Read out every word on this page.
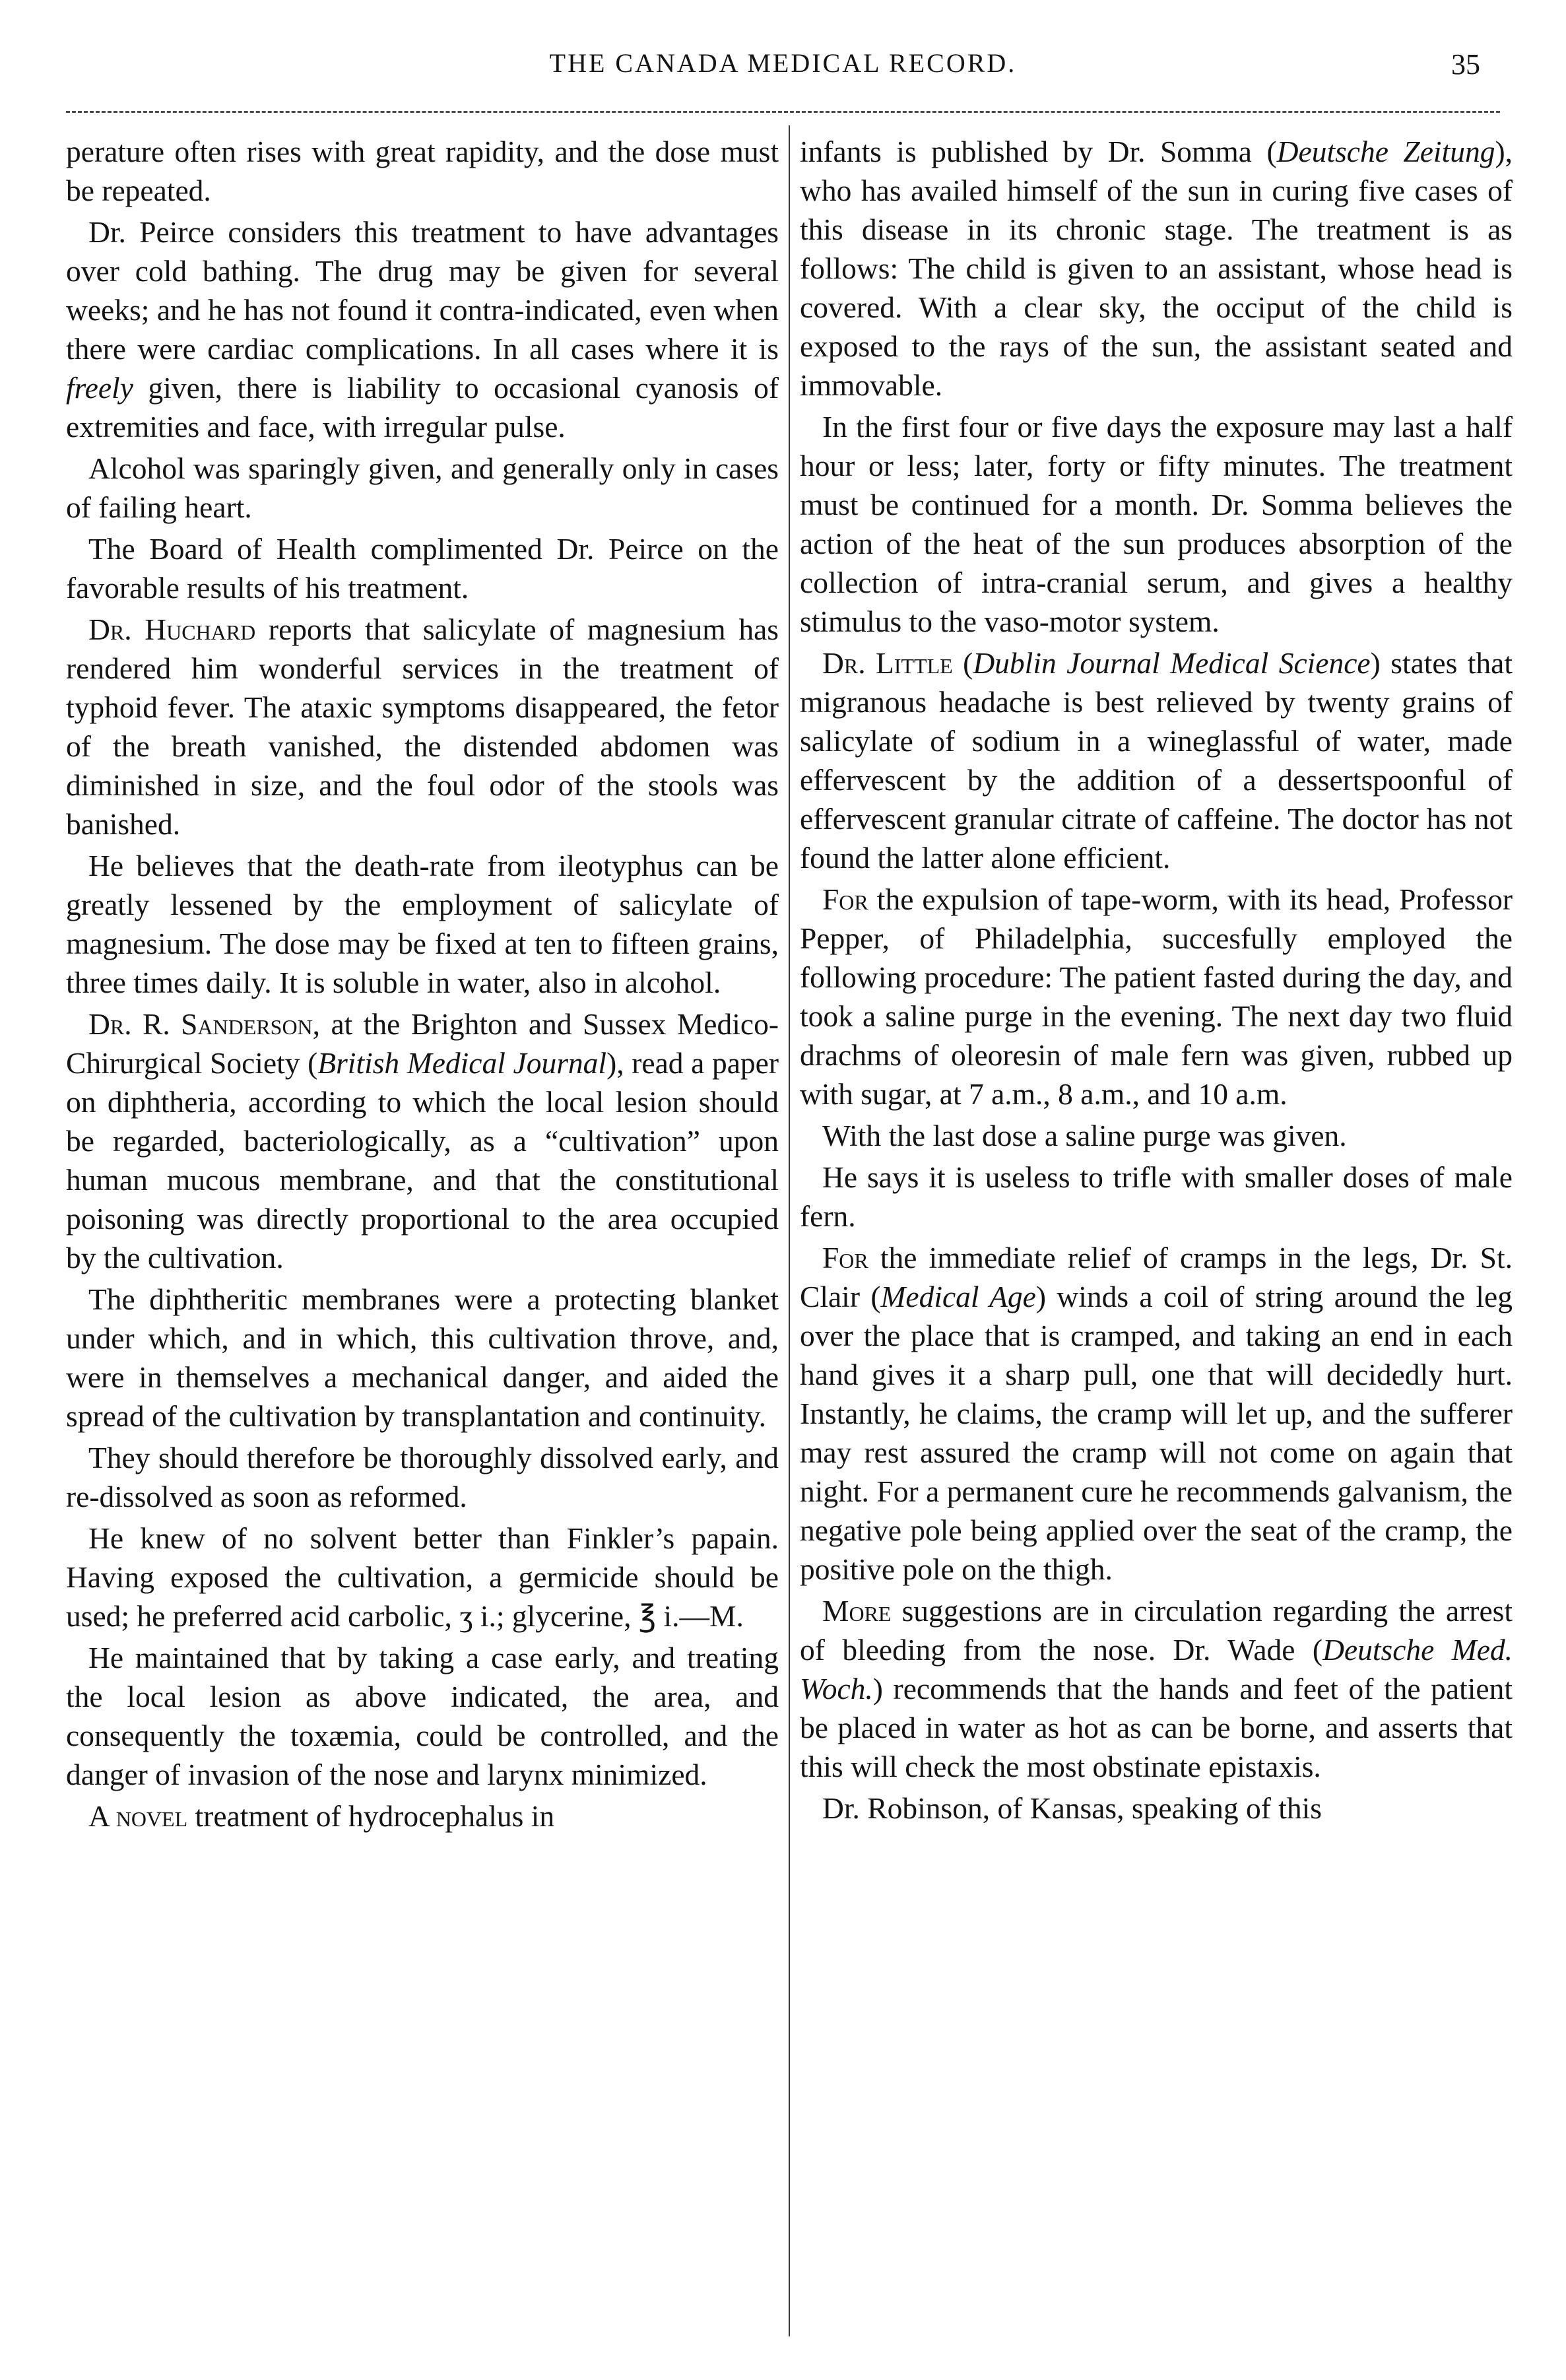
THE CANADA MEDICAL RECORD.	35

perature often rises with great rapidity, and the dose must be repeated.

Dr. Peirce considers this treatment to have advantages over cold bathing. The drug may be given for several weeks; and he has not found it contra-indicated, even when there were cardiac complications. In all cases where it is freely given, there is liability to occasional cyanosis of extremities and face, with irregular pulse.

Alcohol was sparingly given, and generally only in cases of failing heart.

The Board of Health complimented Dr. Peirce on the favorable results of his treatment.

Dr. Huchard reports that salicylate of magnesium has rendered him wonderful services in the treatment of typhoid fever. The ataxic symptoms disappeared, the fetor of the breath vanished, the distended abdomen was diminished in size, and the foul odor of the stools was banished.

He believes that the death-rate from ileotyphus can be greatly lessened by the employment of salicylate of magnesium. The dose may be fixed at ten to fifteen grains, three times daily. It is soluble in water, also in alcohol.

Dr. R. Sanderson, at the Brighton and Sussex Medico-Chirurgical Society (British Medical Journal), read a paper on diphtheria, according to which the local lesion should be regarded, bacteriologically, as a “cultivation” upon human mucous membrane, and that the constitutional poisoning was directly proportional to the area occupied by the cultivation.

The diphtheritic membranes were a protecting blanket under which, and in which, this cultivation throve, and, were in themselves a mechanical danger, and aided the spread of the cultivation by transplantation and continuity.

They should therefore be thoroughly dissolved early, and re-dissolved as soon as reformed.

He knew of no solvent better than Finkler’s papain. Having exposed the cultivation, a germicide should be used; he preferred acid carbolic, ʒ i.; glycerine, ℥ i.—M.

He maintained that by taking a case early, and treating the local lesion as above indicated, the area, and consequently the toxæmia, could be controlled, and the danger of invasion of the nose and larynx minimized.

A novel treatment of hydrocephalus in

infants is published by Dr. Somma (Deutsche Zeitung), who has availed himself of the sun in curing five cases of this disease in its chronic stage. The treatment is as follows: The child is given to an assistant, whose head is covered. With a clear sky, the occiput of the child is exposed to the rays of the sun, the assistant seated and immovable.

In the first four or five days the exposure may last a half hour or less; later, forty or fifty minutes. The treatment must be continued for a month. Dr. Somma believes the action of the heat of the sun produces absorption of the collection of intra-cranial serum, and gives a healthy stimulus to the vaso-motor system.

Dr. Little (Dublin Journal Medical Science) states that migranous headache is best relieved by twenty grains of salicylate of sodium in a wineglassful of water, made effervescent by the addition of a dessertspoonful of effervescent granular citrate of caffeine. The doctor has not found the latter alone efficient.

For the expulsion of tape-worm, with its head, Professor Pepper, of Philadelphia, succesfully employed the following procedure: The patient fasted during the day, and took a saline purge in the evening. The next day two fluid drachms of oleoresin of male fern was given, rubbed up with sugar, at 7 a.m., 8 a.m., and 10 a.m.

With the last dose a saline purge was given.

He says it is useless to trifle with smaller doses of male fern.

For the immediate relief of cramps in the legs, Dr. St. Clair (Medical Age) winds a coil of string around the leg over the place that is cramped, and taking an end in each hand gives it a sharp pull, one that will decidedly hurt. Instantly, he claims, the cramp will let up, and the sufferer may rest assured the cramp will not come on again that night. For a permanent cure he recommends galvanism, the negative pole being applied over the seat of the cramp, the positive pole on the thigh.

More suggestions are in circulation regarding the arrest of bleeding from the nose. Dr. Wade (Deutsche Med. Woch.) recommends that the hands and feet of the patient be placed in water as hot as can be borne, and asserts that this will check the most obstinate epistaxis.

Dr. Robinson, of Kansas, speaking of this
